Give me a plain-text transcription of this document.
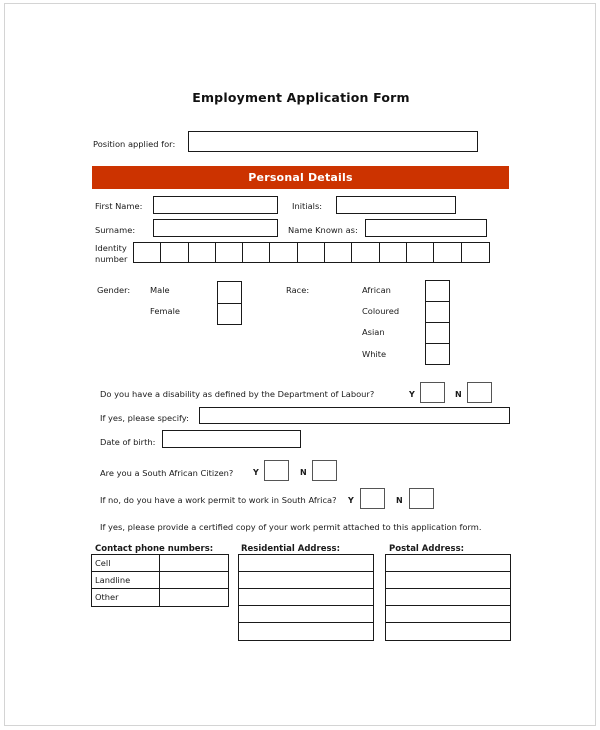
Employment Application Form
Position applied for:
Personal Details
First Name:	Initials:
Surname:	Name Known as:
Identity
number
Gender: Male
Female
Race:	African
Coloured
Asian
White
Do you have a disability as defined by the Department of Labour?	Y	N
If yes, please specify:
Date of birth:
Are you a South African Citizen? Y	N
If no, do you have a work permit to work in South Africa? Y	N
If yes, please provide a certified copy of your work permit attached to this application form.
Contact phone numbers:
Cell
Landline
Other
Residential Address:	Postal Address:
